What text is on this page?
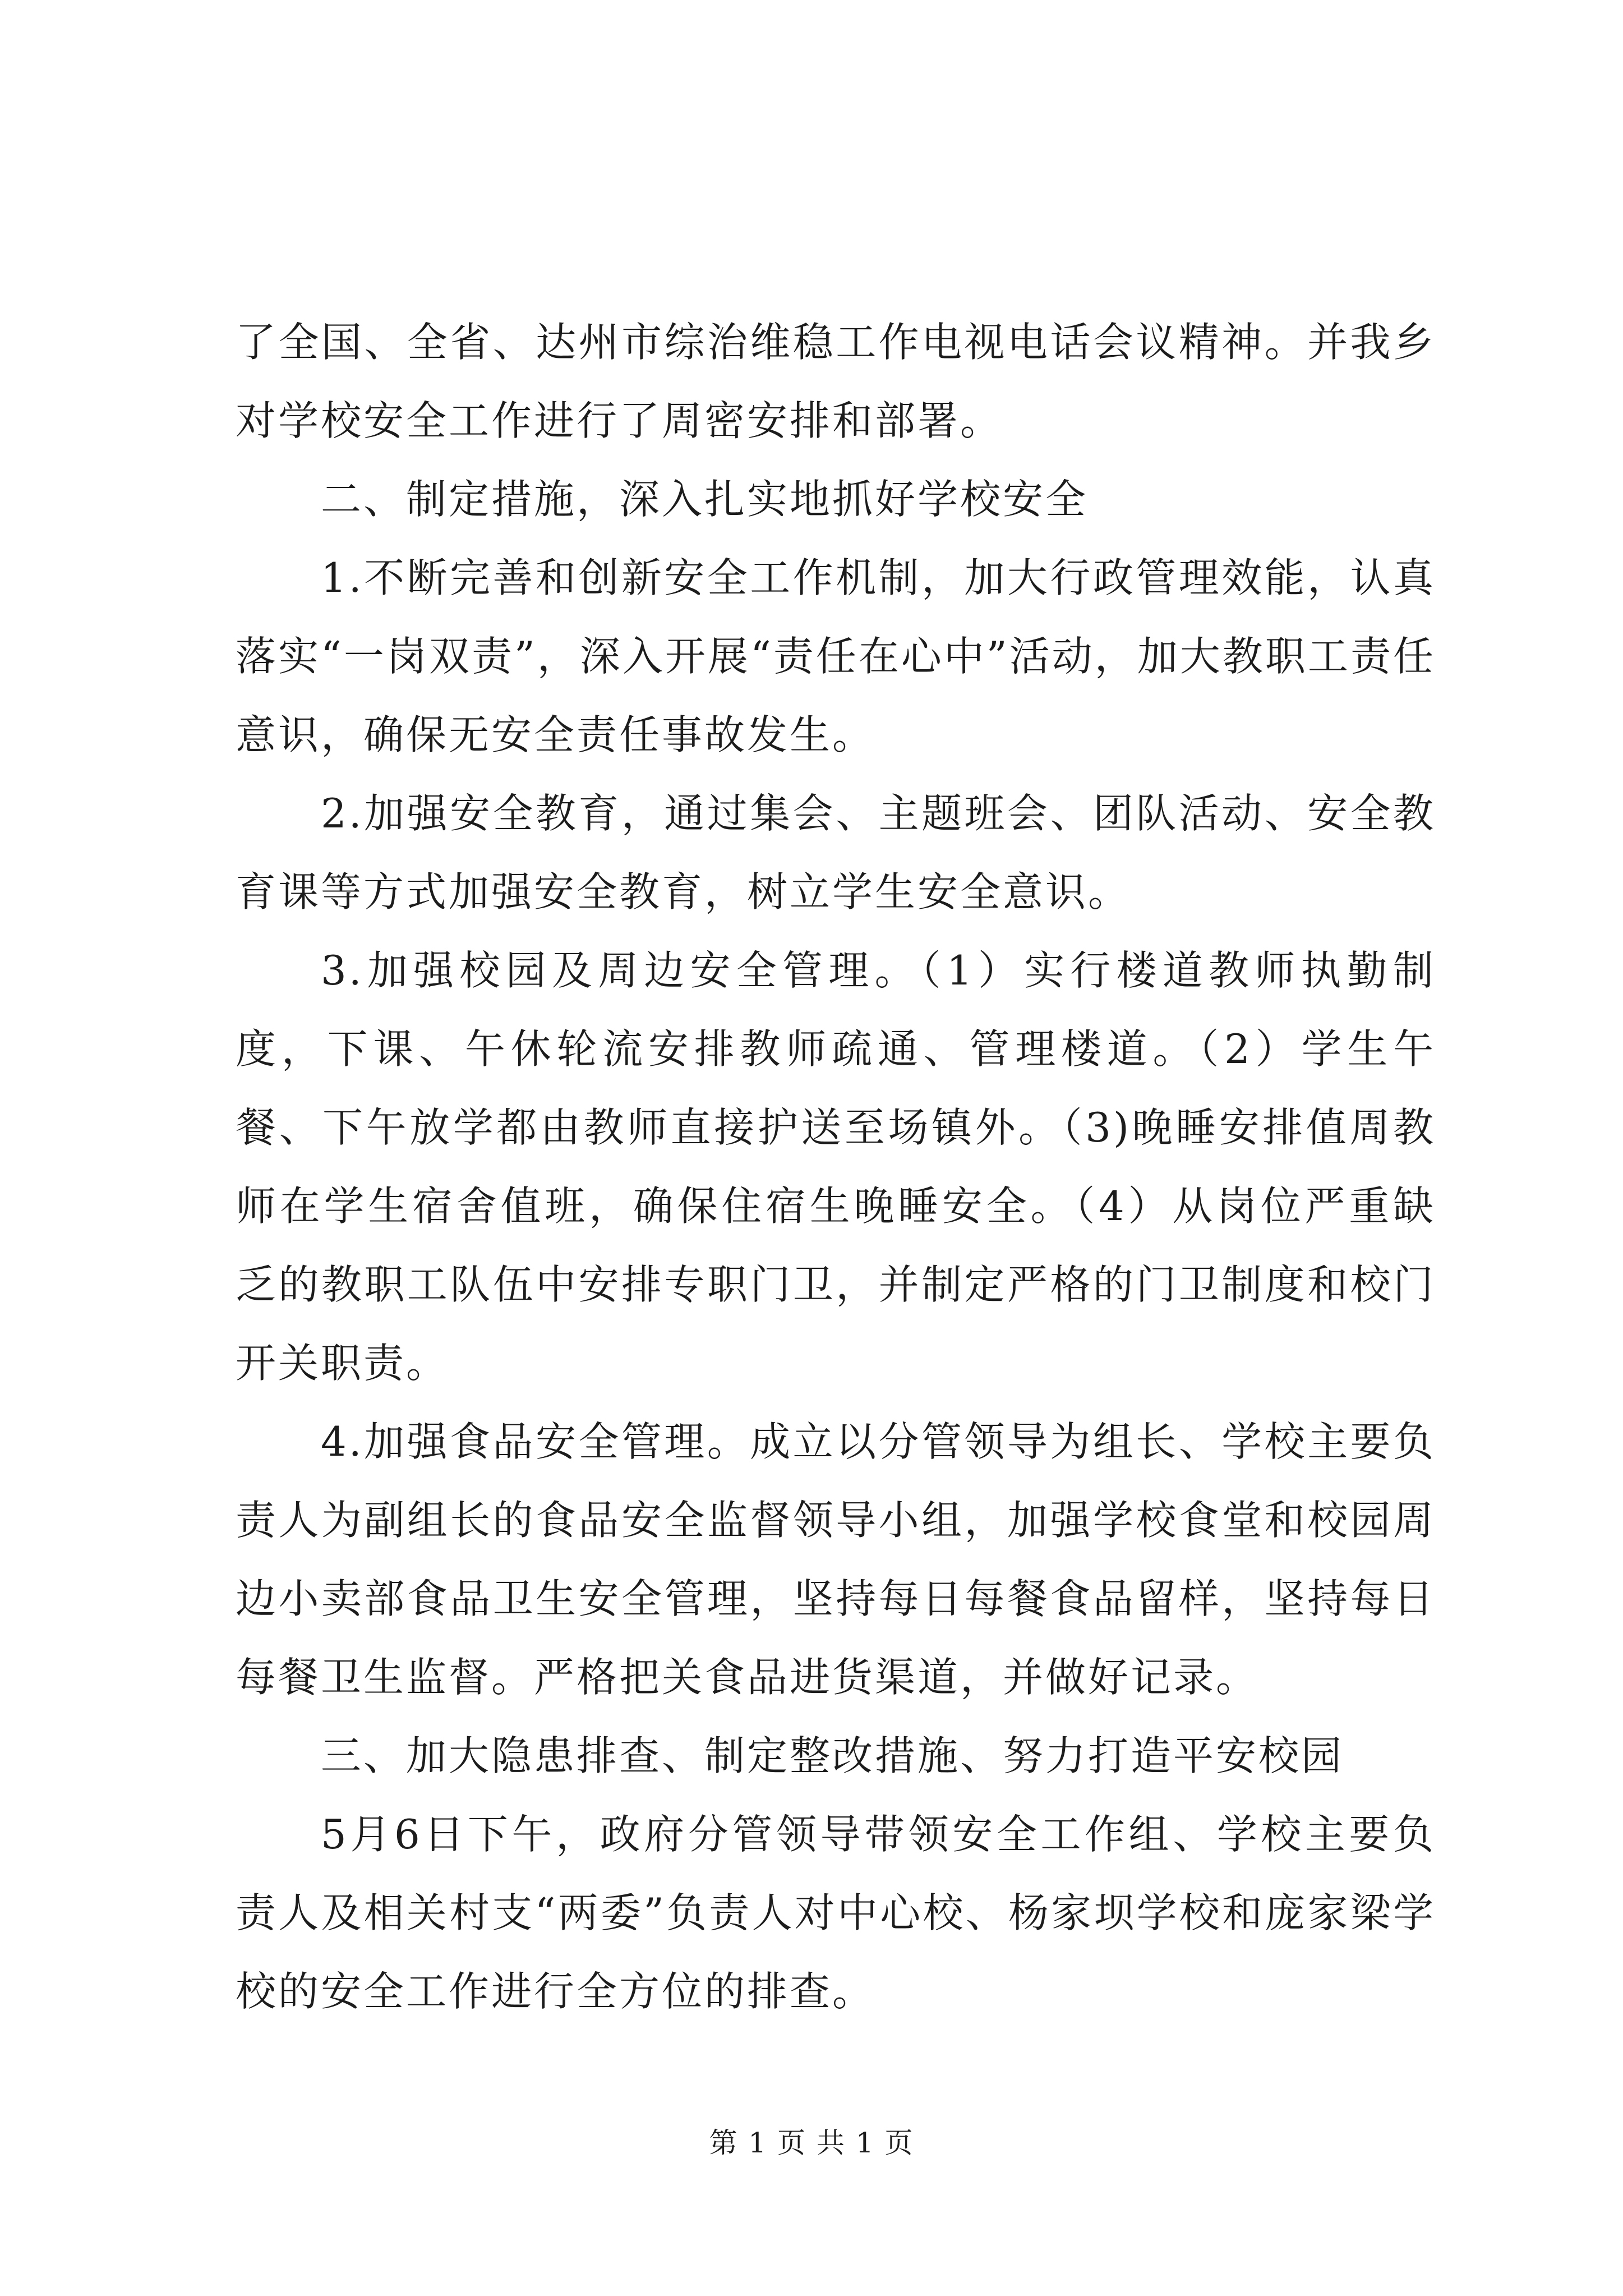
了全国、全省、达州市综治维稳工作电视电话会议精神。并我乡对学校安全工作进行了周密安排和部署。

二、制定措施，深入扎实地抓好学校安全

1.不断完善和创新安全工作机制，加大行政管理效能，认真落实“一岗双责”，深入开展“责任在心中”活动，加大教职工责任意识，确保无安全责任事故发生。

2.加强安全教育，通过集会、主题班会、团队活动、安全教育课等方式加强安全教育，树立学生安全意识。

3.加强校园及周边安全管理。（1）实行楼道教师执勤制度，下课、午休轮流安排教师疏通、管理楼道。（2）学生午餐、下午放学都由教师直接护送至场镇外。（3)晚睡安排值周教师在学生宿舍值班，确保住宿生晚睡安全。（4）从岗位严重缺乏的教职工队伍中安排专职门卫，并制定严格的门卫制度和校门开关职责。

4.加强食品安全管理。成立以分管领导为组长、学校主要负责人为副组长的食品安全监督领导小组，加强学校食堂和校园周边小卖部食品卫生安全管理，坚持每日每餐食品留样，坚持每日每餐卫生监督。严格把关食品进货渠道，并做好记录。

三、加大隐患排查、制定整改措施、努力打造平安校园

5月6日下午，政府分管领导带领安全工作组、学校主要负责人及相关村支“两委”负责人对中心校、杨家坝学校和庞家梁学校的安全工作进行全方位的排查。

第 1 页 共 1 页
